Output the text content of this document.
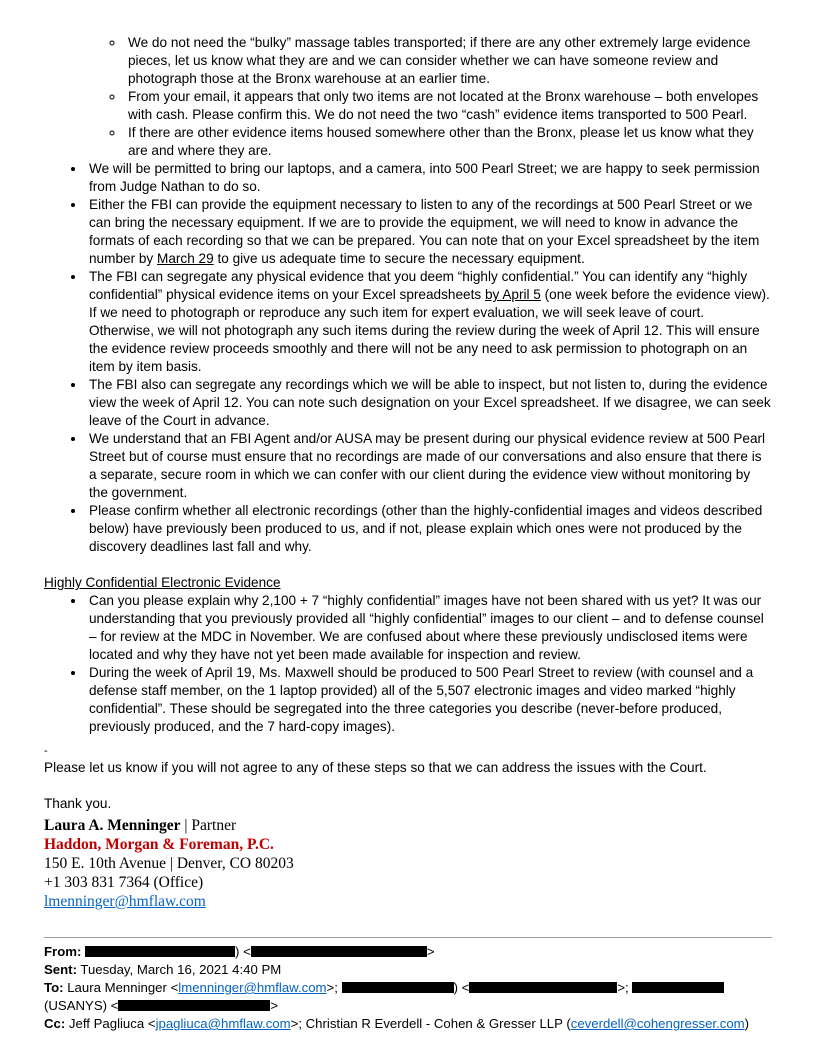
◦ We do not need the “bulky” massage tables transported; if there are any other extremely large evidence pieces, let us know what they are and we can consider whether we can have someone review and photograph those at the Bronx warehouse at an earlier time.
◦ From your email, it appears that only two items are not located at the Bronx warehouse – both envelopes with cash. Please confirm this. We do not need the two “cash” evidence items transported to 500 Pearl.
◦ If there are other evidence items housed somewhere other than the Bronx, please let us know what they are and where they are.
• We will be permitted to bring our laptops, and a camera, into 500 Pearl Street; we are happy to seek permission from Judge Nathan to do so.
• Either the FBI can provide the equipment necessary to listen to any of the recordings at 500 Pearl Street or we can bring the necessary equipment. If we are to provide the equipment, we will need to know in advance the formats of each recording so that we can be prepared. You can note that on your Excel spreadsheet by the item number by March 29 to give us adequate time to secure the necessary equipment.
• The FBI can segregate any physical evidence that you deem “highly confidential.” You can identify any “highly confidential” physical evidence items on your Excel spreadsheets by April 5 (one week before the evidence view). If we need to photograph or reproduce any such item for expert evaluation, we will seek leave of court. Otherwise, we will not photograph any such items during the review during the week of April 12. This will ensure the evidence review proceeds smoothly and there will not be any need to ask permission to photograph on an item by item basis.
• The FBI also can segregate any recordings which we will be able to inspect, but not listen to, during the evidence view the week of April 12. You can note such designation on your Excel spreadsheet. If we disagree, we can seek leave of the Court in advance.
• We understand that an FBI Agent and/or AUSA may be present during our physical evidence review at 500 Pearl Street but of course must ensure that no recordings are made of our conversations and also ensure that there is a separate, secure room in which we can confer with our client during the evidence view without monitoring by the government.
• Please confirm whether all electronic recordings (other than the highly-confidential images and videos described below) have previously been produced to us, and if not, please explain which ones were not produced by the discovery deadlines last fall and why.
Highly Confidential Electronic Evidence
• Can you please explain why 2,100 + 7 “highly confidential” images have not been shared with us yet? It was our understanding that you previously provided all “highly confidential” images to our client – and to defense counsel – for review at the MDC in November. We are confused about where these previously undisclosed items were located and why they have not yet been made available for inspection and review.
• During the week of April 19, Ms. Maxwell should be produced to 500 Pearl Street to review (with counsel and a defense staff member, on the 1 laptop provided) all of the 5,507 electronic images and video marked “highly confidential”. These should be segregated into the three categories you describe (never-before produced, previously produced, and the 7 hard-copy images).
-

Please let us know if you will not agree to any of these steps so that we can address the issues with the Court.

Thank you.

Laura A. Menninger | Partner
Haddon, Morgan & Foreman, P.C.
150 E. 10th Avenue | Denver, CO 80203
+1 303 831 7364 (Office)
lmenninger@hmflaw.com

From:	) <	>

Sent: Tuesday, March 16, 2021 4:40 PM

To: Laura Menninger <lmenninger@hmflaw.com>;	) <	>;
(USANYS) <	>

Cc: Jeff Pagliuca <jpagliuca@hmflaw.com>; Christian R Everdell - Cohen & Gresser LLP (ceverdell@cohengresser.com)
